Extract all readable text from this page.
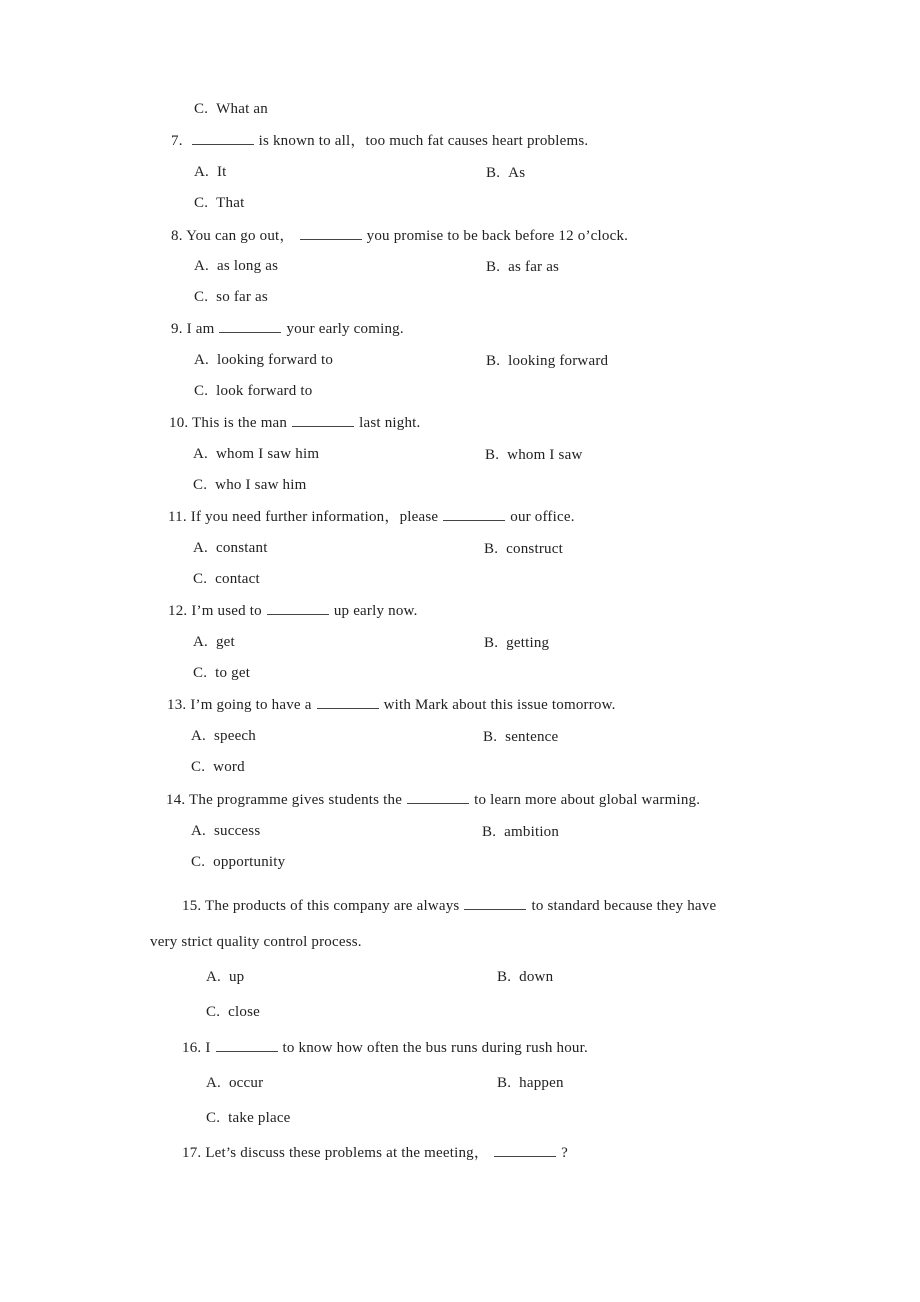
C. What an
7.	is known to all，too much fat causes heart problems.
A. It	B. As
C. That
8. You can go out，	you promise to be back before 12 o’clock.
A. as long as	B. as far as
C. so far as
9. I am	your early coming.
A. looking forward to	B. looking forward
C. look forward to
10. This is the man	last night.
A. whom I saw him	B. whom I saw
C. who I saw him
11. If you need further information，please	our office.
A. constant	B. construct
C. contact
12. I’m used to	up early now.
A. get	B. getting
C. to get
13. I’m going to have a	with Mark about this issue tomorrow.
A. speech	B. sentence
C. word
14. The programme gives students the	to learn more about global warming.
A. success	B. ambition
C. opportunity
15. The products of this company are always	to standard because they have
very strict quality control process.
A. up	B. down
C. close
16. I	to know how often the bus runs during rush hour.
A. occur	B. happen
C. take place
17. Let’s discuss these problems at the meeting，	?
